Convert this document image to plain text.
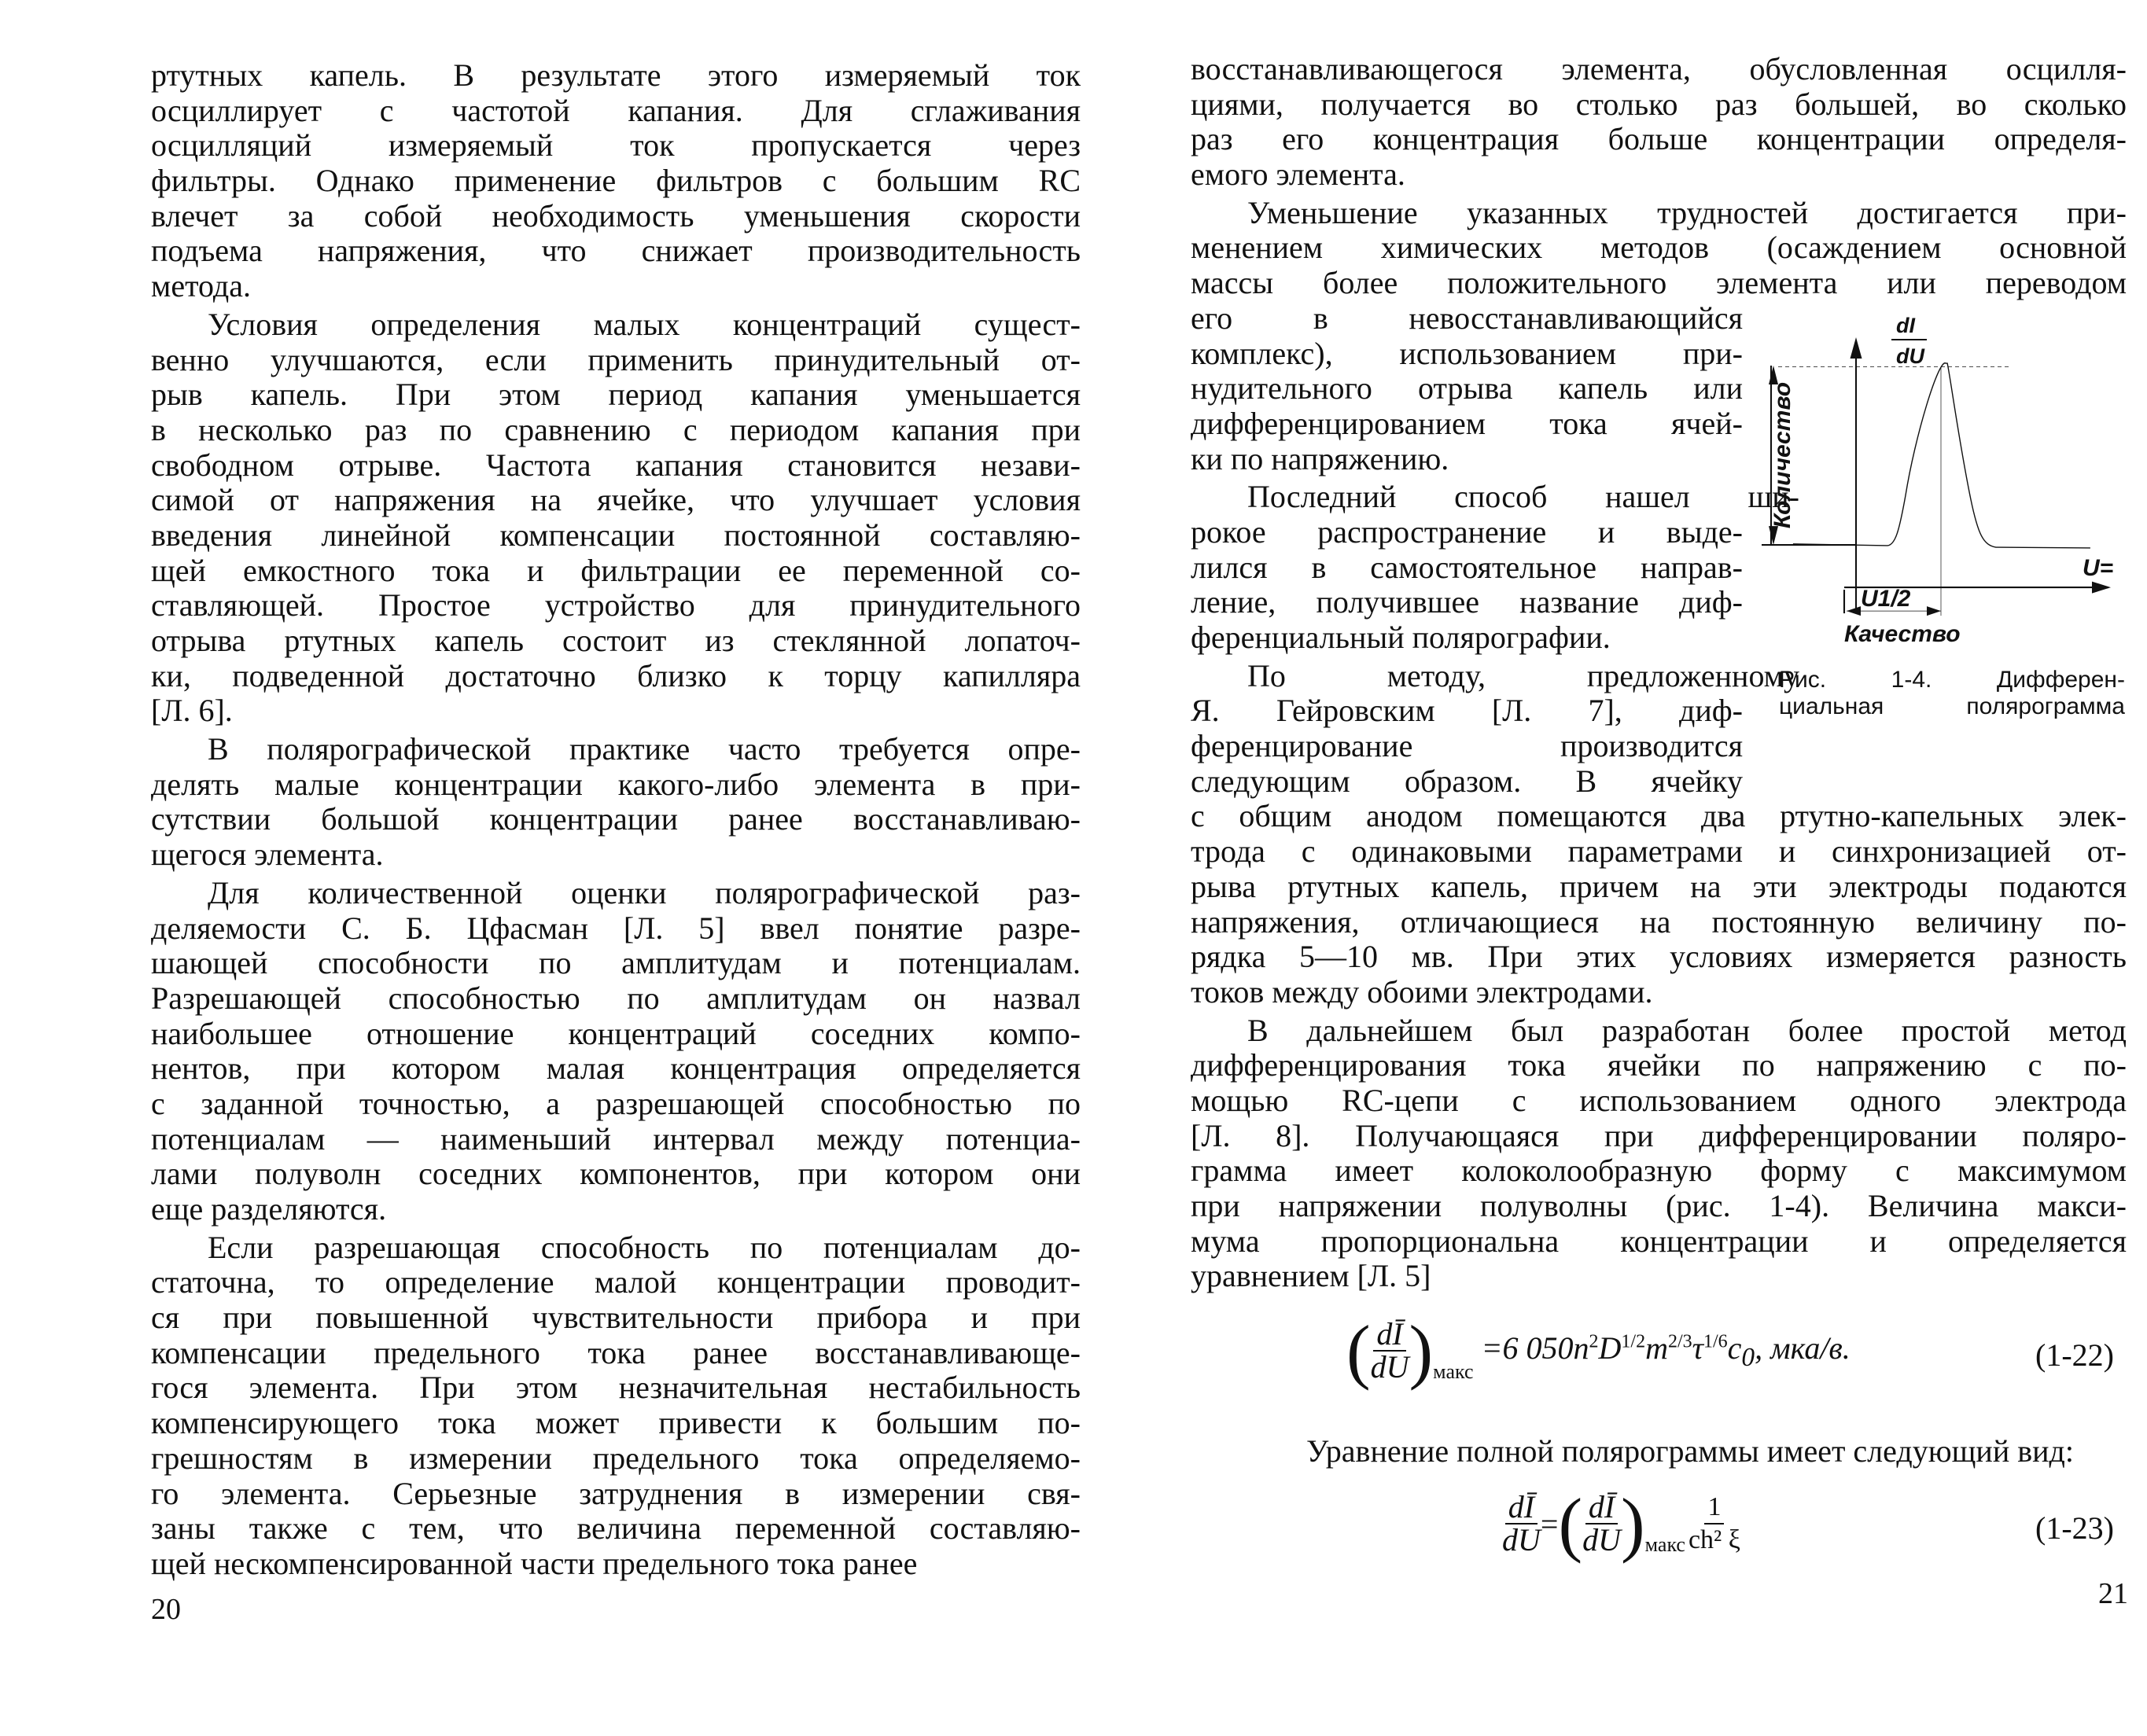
ртутных капель. В результате этого измеряемый ток
осциллирует с частотой капания. Для сглаживания
осцилляций измеряемый ток пропускается через
фильтры. Однако применение фильтров с большим RC
влечет за собой необходимость уменьшения скорости
подъема напряжения, что снижает производительность
метода.
Условия определения малых концентраций сущест-
венно улучшаются, если применить принудительный от-
рыв капель. При этом период капания уменьшается
в несколько раз по сравнению с периодом капания при
свободном отрыве. Частота капания становится незави-
симой от напряжения на ячейке, что улучшает условия
введения линейной компенсации постоянной составляю-
щей емкостного тока и фильтрации ее переменной со-
ставляющей. Простое устройство для принудительного
отрыва ртутных капель состоит из стеклянной лопаточ-
ки, подведенной достаточно близко к торцу капилляра
[Л. 6].
В полярографической практике часто требуется опре-
делять малые концентрации какого-либо элемента в при-
сутствии большой концентрации ранее восстанавливаю-
щегося элемента.
Для количественной оценки полярографической раз-
деляемости С. Б. Цфасман [Л. 5] ввел понятие разре-
шающей способности по амплитудам и потенциалам.
Разрешающей способностью по амплитудам он назвал
наибольшее отношение концентраций соседних компо-
нентов, при котором малая концентрация определяется
с заданной точностью, а разрешающей способностью по
потенциалам — наименьший интервал между потенциа-
лами полуволн соседних компонентов, при котором они
еще разделяются.
Если разрешающая способность по потенциалам до-
статочна, то определение малой концентрации проводит-
ся при повышенной чувствительности прибора и при
компенсации предельного тока ранее восстанавливающе-
гося элемента. При этом незначительная нестабильность
компенсирующего тока может привести к большим по-
грешностям в измерении предельного тока определяемо-
го элемента. Серьезные затруднения в измерении свя-
заны также с тем, что величина переменной составляю-
щей нескомпенсированной части предельного тока ранее
20
восстанавливающегося элемента, обусловленная осцилля-
циями, получается во столько раз большей, во сколько
раз его концентрация больше концентрации определя-
емого элемента.
Уменьшение указанных трудностей достигается при-
менением химических методов (осаждением основной
массы более положительного элемента или переводом
его в невосстанавливающийся
комплекс), использованием при-
нудительного отрыва капель или
дифференцированием тока ячей-
ки по напряжению.
Последний способ нашел ши-
рокое распространение и выде-
лился в самостоятельное направ-
ление, получившее название диф-
ференциальный полярографии.
По методу, предложенному
Я. Гейровским [Л. 7], диф-
ференцирование производится
следующим образом. В ячейку
с общим анодом помещаются два ртутно-капельных элек-
трода с одинаковыми параметрами и синхронизацией от-
рыва ртутных капель, причем на эти электроды подаются
напряжения, отличающиеся на постоянную величину по-
рядка 5—10 мв. При этих условиях измеряется разность
токов между обоими электродами.
В дальнейшем был разработан более простой метод
дифференцирования тока ячейки по напряжению с по-
мощью RC-цепи с использованием одного электрода
[Л. 8]. Получающаяся при дифференцировании поляро-
грамма имеет колоколообразную форму с максимумом
при напряжении полуволны (рис. 1-4). Величина макси-
мума пропорциональна концентрации и определяется
уравнением [Л. 5]
dI
dU
Количество
U=
U1/2
Качество
Рис. 1-4. Дифферен-
циальная полярограмма
( $\frac{dĪ}{dU}$ ) макс
=6 $050n^2D^{1/2}m^{2/3}\tau^{1/6}c_0$, мка/в.	(1-22)
Уравнение полной полярограммы имеет следующий вид:
$\frac{dĪ}{dU}$ = ( $\frac{dĪ}{dU}$ ) макс $\frac{1}{\text{ch² ξ}}$	(1-23)
21
